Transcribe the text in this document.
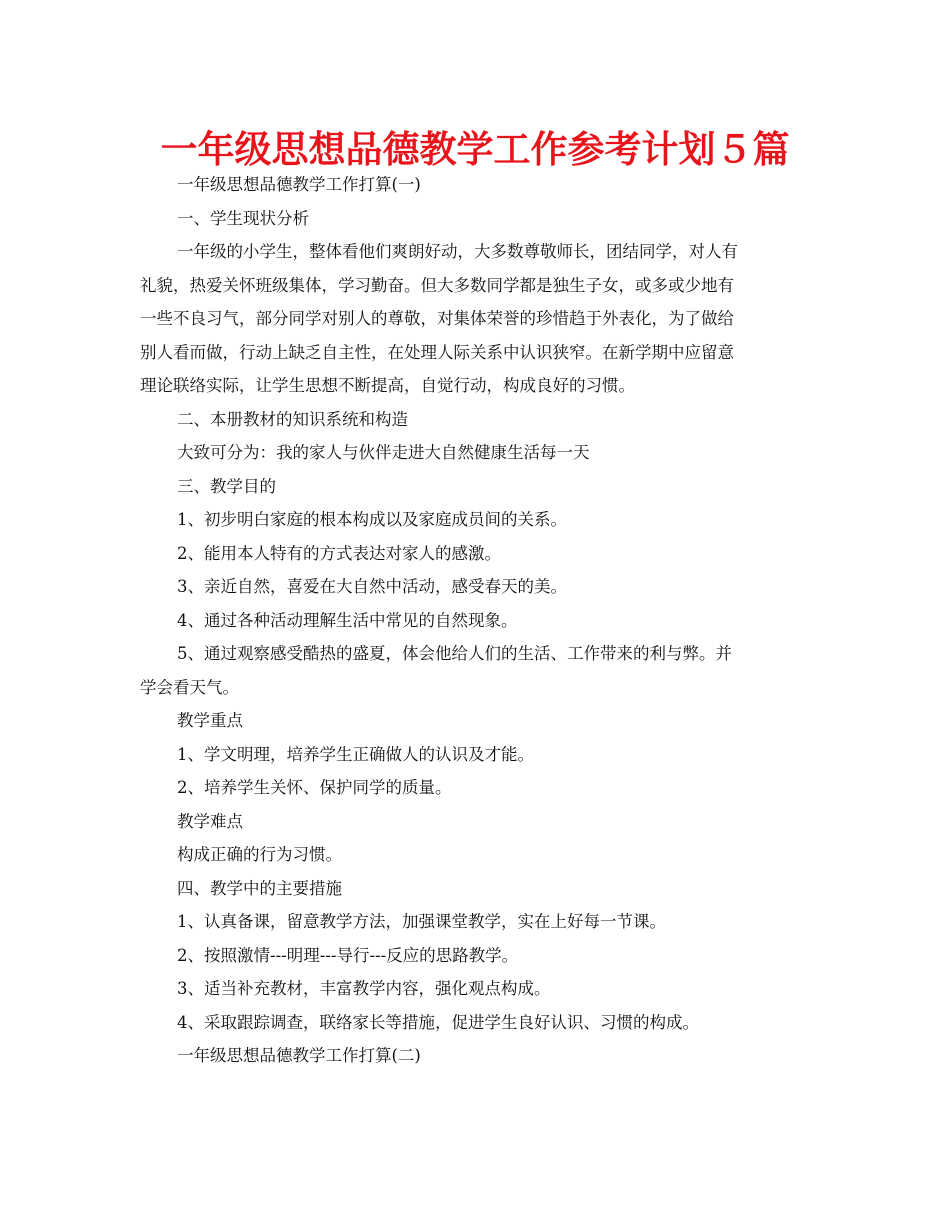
一年级思想品德教学工作参考计划５篇

一年级思想品德教学工作打算(一)

一、学生现状分析

一年级的小学生，整体看他们爽朗好动，大多数尊敬师长，团结同学，对人有

礼貌，热爱关怀班级集体，学习勤奋。但大多数同学都是独生子女，或多或少地有

一些不良习气，部分同学对别人的尊敬，对集体荣誉的珍惜趋于外表化，为了做给

别人看而做，行动上缺乏自主性，在处理人际关系中认识狭窄。在新学期中应留意

理论联络实际，让学生思想不断提高，自觉行动，构成良好的习惯。

二、本册教材的知识系统和构造

大致可分为：我的家人与伙伴走进大自然健康生活每一天

三、教学目的

1、初步明白家庭的根本构成以及家庭成员间的关系。

2、能用本人特有的方式表达对家人的感激。

3、亲近自然，喜爱在大自然中活动，感受春天的美。

4、通过各种活动理解生活中常见的自然现象。

5、通过观察感受酷热的盛夏，体会他给人们的生活、工作带来的利与弊。并

学会看天气。

教学重点

1、学文明理，培养学生正确做人的认识及才能。

2、培养学生关怀、保护同学的质量。

教学难点

构成正确的行为习惯。

四、教学中的主要措施

1、认真备课，留意教学方法，加强课堂教学，实在上好每一节课。

2、按照激情---明理---导行---反应的思路教学。

3、适当补充教材，丰富教学内容，强化观点构成。

4、采取跟踪调查，联络家长等措施，促进学生良好认识、习惯的构成。

一年级思想品德教学工作打算(二)
